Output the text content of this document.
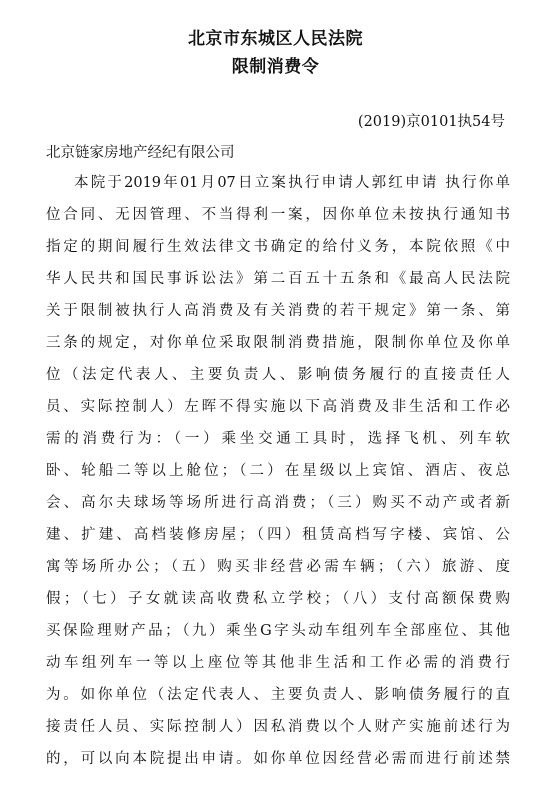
北京市东城区人民法院
限制消费令
(2019)京0101执54号
北京链家房地产经纪有限公司
本院于2019年01月07日立案执行申请人郭红申请 执行你单
位合同、无因管理、不当得利一案，因你单位未按执行通知书
指定的期间履行生效法律文书确定的给付义务，本院依照《中
华人民共和国民事诉讼法》第二百五十五条和《最高人民法院
关于限制被执行人高消费及有关消费的若干规定》第一条、第
三条的规定，对你单位采取限制消费措施，限制你单位及你单
位（法定代表人、主要负责人、影响债务履行的直接责任人
员、实际控制人）左晖不得实施以下高消费及非生活和工作必
需的消费行为：（一）乘坐交通工具时，选择飞机、列车软
卧、轮船二等以上舱位；（二）在星级以上宾馆、酒店、夜总
会、高尔夫球场等场所进行高消费；（三）购买不动产或者新
建、扩建、高档装修房屋；（四）租赁高档写字楼、宾馆、公
寓等场所办公；（五）购买非经营必需车辆；（六）旅游、度
假；（七）子女就读高收费私立学校；（八）支付高额保费购
买保险理财产品；（九）乘坐G字头动车组列车全部座位、其他
动车组列车一等以上座位等其他非生活和工作必需的消费行
为。如你单位（法定代表人、主要负责人、影响债务履行的直
接责任人员、实际控制人）因私消费以个人财产实施前述行为
的，可以向本院提出申请。如你单位因经营必需而进行前述禁
